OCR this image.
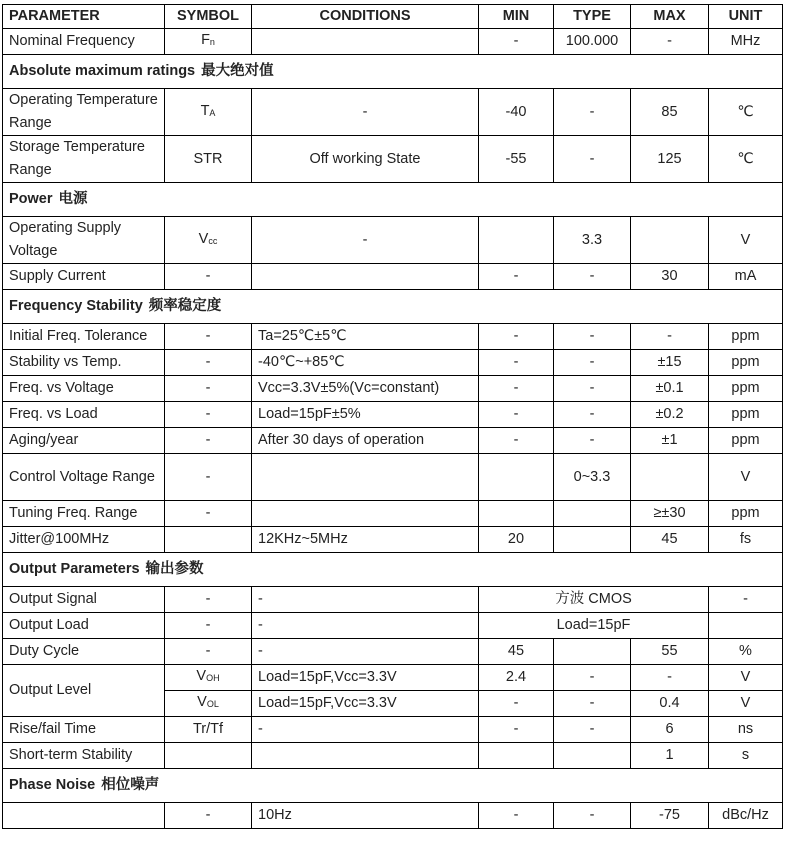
PARAMETER	SYMBOL	CONDITIONS	MIN	TYPE	MAX	UNIT
Nominal Frequency	Fn		-	100.000	-	MHz
Absolute maximum ratings 最大绝对值						
Operating Temperature Range	TA	-	-40	-	85	℃
Storage Temperature Range	STR	Off working State	-55	-	125	℃
Power 电源						
Operating Supply Voltage	Vcc	-		3.3		V
Supply Current	-		-	-	30	mA
Frequency Stability 频率稳定度						
Initial Freq. Tolerance	-	Ta=25℃±5℃	-	-	-	ppm
Stability vs Temp.	-	-40℃~+85℃	-	-	±15	ppm
Freq. vs Voltage	-	Vcc=3.3V±5%(Vc=constant)	-	-	±0.1	ppm
Freq. vs Load	-	Load=15pF±5%	-	-	±0.2	ppm
Aging/year	-	After 30 days of operation	-	-	±1	ppm
Control Voltage Range	-			0~3.3		V
Tuning Freq. Range	-				≥±30	ppm
Jitter@100MHz		12KHz~5MHz	20		45	fs
Output Parameters 输出参数						
Output Signal	-	-	方波 CMOS			-
Output Load	-	-	Load=15pF			
Duty Cycle	-	-	45		55	%
Output Level	VOH	Load=15pF,Vcc=3.3V	2.4	-	-	V
	VOL	Load=15pF,Vcc=3.3V	-	-	0.4	V
Rise/fail Time	Tr/Tf	-	-	-	6	ns
Short-term Stability					1	s
Phase Noise 相位噪声						
	-	10Hz	-	-	-75	dBc/Hz
